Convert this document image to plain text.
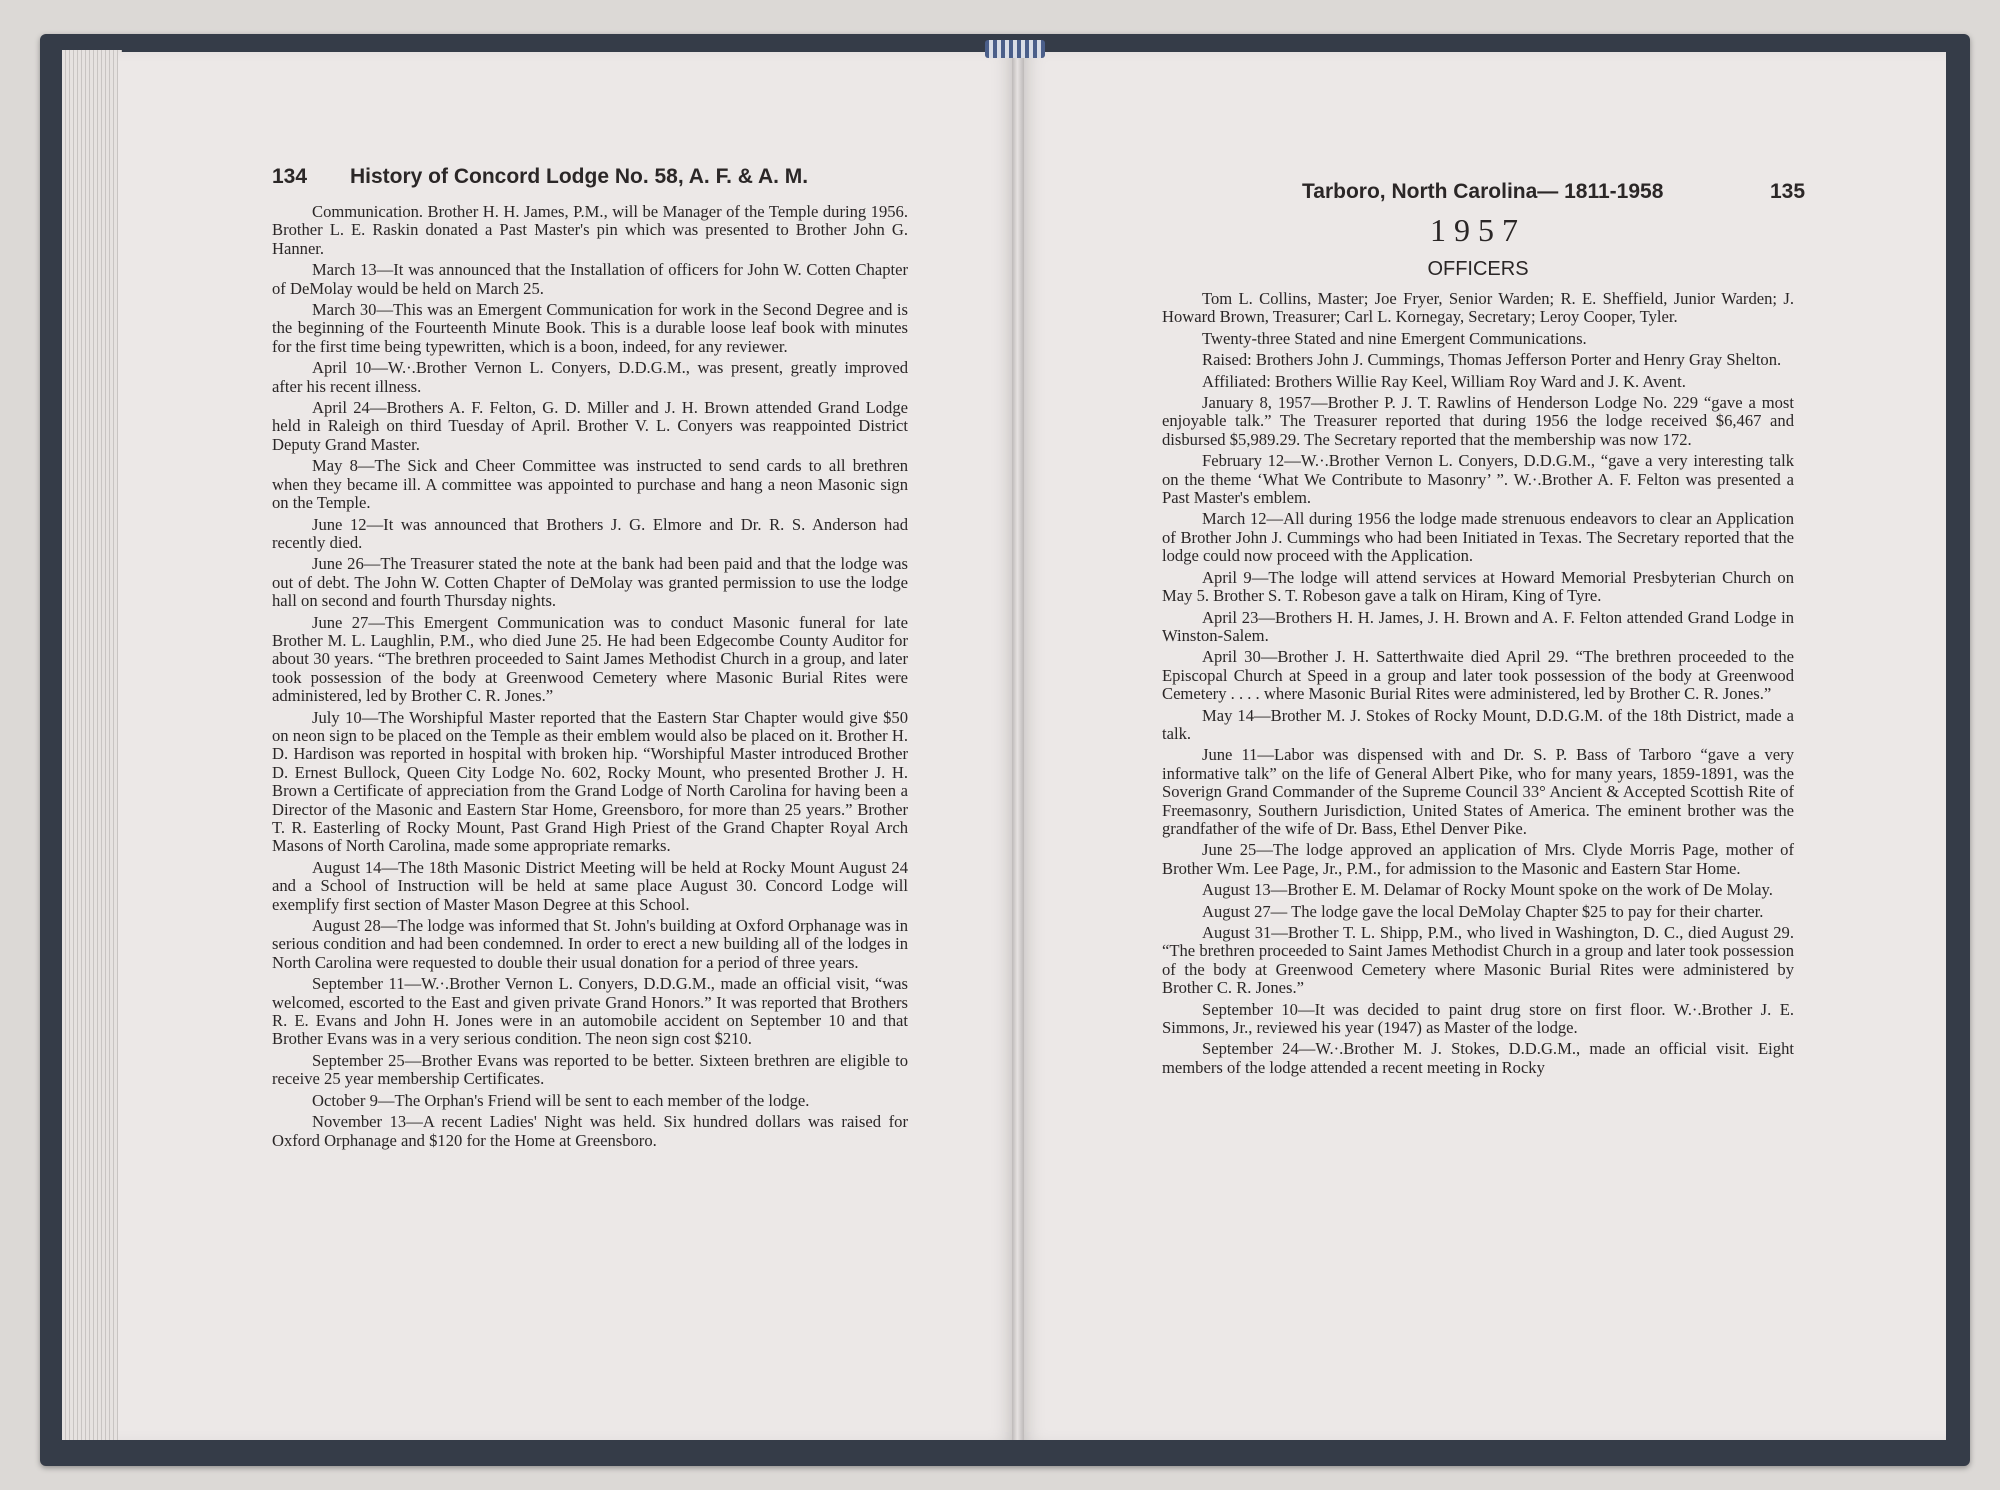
134 History of Concord Lodge No. 58, A. F. & A. M.

Communication. Brother H. H. James, P.M., will be Manager of the Temple during 1956. Brother L. E. Raskin donated a Past Master's pin which was presented to Brother John G. Hanner.

March 13—It was announced that the Installation of officers for John W. Cotten Chapter of DeMolay would be held on March 25.

March 30—This was an Emergent Communication for work in the Second Degree and is the beginning of the Fourteenth Minute Book. This is a durable loose leaf book with minutes for the first time being typewritten, which is a boon, indeed, for any reviewer.

April 10—W.·.Brother Vernon L. Conyers, D.D.G.M., was present, greatly improved after his recent illness.

April 24—Brothers A. F. Felton, G. D. Miller and J. H. Brown attended Grand Lodge held in Raleigh on third Tuesday of April. Brother V. L. Conyers was reappointed District Deputy Grand Master.

May 8—The Sick and Cheer Committee was instructed to send cards to all brethren when they became ill. A committee was appointed to purchase and hang a neon Masonic sign on the Temple.

June 12—It was announced that Brothers J. G. Elmore and Dr. R. S. Anderson had recently died.

June 26—The Treasurer stated the note at the bank had been paid and that the lodge was out of debt. The John W. Cotten Chapter of DeMolay was granted permission to use the lodge hall on second and fourth Thursday nights.

June 27—This Emergent Communication was to conduct Masonic funeral for late Brother M. L. Laughlin, P.M., who died June 25. He had been Edgecombe County Auditor for about 30 years. “The brethren proceeded to Saint James Methodist Church in a group, and later took possession of the body at Greenwood Cemetery where Masonic Burial Rites were administered, led by Brother C. R. Jones.”

July 10—The Worshipful Master reported that the Eastern Star Chapter would give $50 on neon sign to be placed on the Temple as their emblem would also be placed on it. Brother H. D. Hardison was reported in hospital with broken hip. “Worshipful Master introduced Brother D. Ernest Bullock, Queen City Lodge No. 602, Rocky Mount, who presented Brother J. H. Brown a Certificate of appreciation from the Grand Lodge of North Carolina for having been a Director of the Masonic and Eastern Star Home, Greensboro, for more than 25 years.” Brother T. R. Easterling of Rocky Mount, Past Grand High Priest of the Grand Chapter Royal Arch Masons of North Carolina, made some appropriate remarks.

August 14—The 18th Masonic District Meeting will be held at Rocky Mount August 24 and a School of Instruction will be held at same place August 30. Concord Lodge will exemplify first section of Master Mason Degree at this School.

August 28—The lodge was informed that St. John's building at Oxford Orphanage was in serious condition and had been condemned. In order to erect a new building all of the lodges in North Carolina were requested to double their usual donation for a period of three years.

September 11—W.·.Brother Vernon L. Conyers, D.D.G.M., made an official visit, “was welcomed, escorted to the East and given private Grand Honors.” It was reported that Brothers R. E. Evans and John H. Jones were in an automobile accident on September 10 and that Brother Evans was in a very serious condition. The neon sign cost $210.

September 25—Brother Evans was reported to be better. Sixteen brethren are eligible to receive 25 year membership Certificates.

October 9—The Orphan's Friend will be sent to each member of the lodge.

November 13—A recent Ladies' Night was held. Six hundred dollars was raised for Oxford Orphanage and $120 for the Home at Greensboro.

Tarboro, North Carolina— 1811-1958	135
1957
OFFICERS

Tom L. Collins, Master; Joe Fryer, Senior Warden; R. E. Sheffield, Junior Warden; J. Howard Brown, Treasurer; Carl L. Kornegay, Secretary; Leroy Cooper, Tyler.

Twenty-three Stated and nine Emergent Communications.

Raised: Brothers John J. Cummings, Thomas Jefferson Porter and Henry Gray Shelton.

Affiliated: Brothers Willie Ray Keel, William Roy Ward and J. K. Avent.

January 8, 1957—Brother P. J. T. Rawlins of Henderson Lodge No. 229 “gave a most enjoyable talk.” The Treasurer reported that during 1956 the lodge received $6,467 and disbursed $5,989.29. The Secretary reported that the membership was now 172.

February 12—W.·.Brother Vernon L. Conyers, D.D.G.M., “gave a very interesting talk on the theme ‘What We Contribute to Masonry’ ”. W.·.Brother A. F. Felton was presented a Past Master's emblem.

March 12—All during 1956 the lodge made strenuous endeavors to clear an Application of Brother John J. Cummings who had been Initiated in Texas. The Secretary reported that the lodge could now proceed with the Application.

April 9—The lodge will attend services at Howard Memorial Presbyterian Church on May 5. Brother S. T. Robeson gave a talk on Hiram, King of Tyre.

April 23—Brothers H. H. James, J. H. Brown and A. F. Felton attended Grand Lodge in Winston-Salem.

April 30—Brother J. H. Satterthwaite died April 29. “The brethren proceeded to the Episcopal Church at Speed in a group and later took possession of the body at Greenwood Cemetery . . . . where Masonic Burial Rites were administered, led by Brother C. R. Jones.”

May 14—Brother M. J. Stokes of Rocky Mount, D.D.G.M. of the 18th District, made a talk.

June 11—Labor was dispensed with and Dr. S. P. Bass of Tarboro “gave a very informative talk” on the life of General Albert Pike, who for many years, 1859-1891, was the Soverign Grand Commander of the Supreme Council 33° Ancient & Accepted Scottish Rite of Freemasonry, Southern Jurisdiction, United States of America. The eminent brother was the grandfather of the wife of Dr. Bass, Ethel Denver Pike.

June 25—The lodge approved an application of Mrs. Clyde Morris Page, mother of Brother Wm. Lee Page, Jr., P.M., for admission to the Masonic and Eastern Star Home.

August 13—Brother E. M. Delamar of Rocky Mount spoke on the work of De Molay.

August 27— The lodge gave the local DeMolay Chapter $25 to pay for their charter.

August 31—Brother T. L. Shipp, P.M., who lived in Washington, D. C., died August 29. “The brethren proceeded to Saint James Methodist Church in a group and later took possession of the body at Greenwood Cemetery where Masonic Burial Rites were administered by Brother C. R. Jones.”

September 10—It was decided to paint drug store on first floor. W.·.Brother J. E. Simmons, Jr., reviewed his year (1947) as Master of the lodge.

September 24—W.·.Brother M. J. Stokes, D.D.G.M., made an official visit. Eight members of the lodge attended a recent meeting in Rocky
